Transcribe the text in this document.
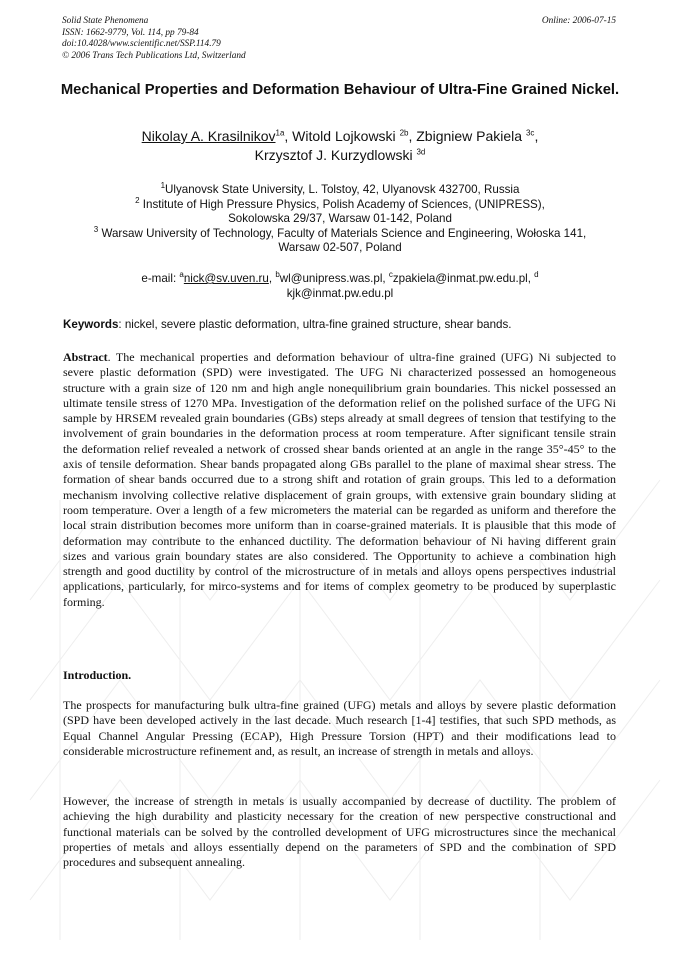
Solid State Phenomena
ISSN: 1662-9779, Vol. 114, pp 79-84
doi:10.4028/www.scientific.net/SSP.114.79
© 2006 Trans Tech Publications Ltd, Switzerland
Online: 2006-07-15
Mechanical Properties and Deformation Behaviour of Ultra-Fine Grained Nickel.
Nikolay A. Krasilnikov$^{1a}$, Witold Lojkowski $^{2b}$, Zbigniew Pakiela $^{3c}$,
Krzysztof J. Kurzydlowski $^{3d}$
$^1$Ulyanovsk State University, L. Tolstoy, 42, Ulyanovsk 432700, Russia
$^2$ Institute of High Pressure Physics, Polish Academy of Sciences, (UNIPRESS),
Sokolowska 29/37, Warsaw 01-142, Poland
$^3$ Warsaw University of Technology, Faculty of Materials Science and Engineering, Wołoska 141,
Warsaw 02-507, Poland
e-mail: $^a$nick@sv.uven.ru, $^b$wl@unipress.was.pl, $^c$zpakiela@inmat.pw.edu.pl, $^d$
kjk@inmat.pw.edu.pl
Keywords: nickel, severe plastic deformation, ultra-fine grained structure, shear bands.
Abstract. The mechanical properties and deformation behaviour of ultra-fine grained (UFG) Ni subjected to severe plastic deformation (SPD) were investigated. The UFG Ni characterized possessed an homogeneous structure with a grain size of 120 nm and high angle nonequilibrium grain boundaries. This nickel possessed an ultimate tensile stress of 1270 MPa. Investigation of the deformation relief on the polished surface of the UFG Ni sample by HRSEM revealed grain boundaries (GBs) steps already at small degrees of tension that testifying to the involvement of grain boundaries in the deformation process at room temperature. After significant tensile strain the deformation relief revealed a network of crossed shear bands oriented at an angle in the range 35°-45° to the axis of tensile deformation. Shear bands propagated along GBs parallel to the plane of maximal shear stress. The formation of shear bands occurred due to a strong shift and rotation of grain groups. This led to a deformation mechanism involving collective relative displacement of grain groups, with extensive grain boundary sliding at room temperature. Over a length of a few micrometers the material can be regarded as uniform and therefore the local strain distribution becomes more uniform than in coarse-grained materials. It is plausible that this mode of deformation may contribute to the enhanced ductility. The deformation behaviour of Ni having different grain sizes and various grain boundary states are also considered. The Opportunity to achieve a combination high strength and good ductility by control of the microstructure of in metals and alloys opens perspectives industrial applications, particularly, for mirco-systems and for items of complex geometry to be produced by superplastic forming.
Introduction.
The prospects for manufacturing bulk ultra-fine grained (UFG) metals and alloys by severe plastic deformation (SPD have been developed actively in the last decade. Much research [1-4] testifies, that such SPD methods, as Equal Channel Angular Pressing (ECAP), High Pressure Torsion (HPT) and their modifications lead to considerable microstructure refinement and, as result, an increase of strength in metals and alloys.
However, the increase of strength in metals is usually accompanied by decrease of ductility. The problem of achieving the high durability and plasticity necessary for the creation of new perspective constructional and functional materials can be solved by the controlled development of UFG microstructures since the mechanical properties of metals and alloys essentially depend on the parameters of SPD and the combination of SPD procedures and subsequent annealing.
